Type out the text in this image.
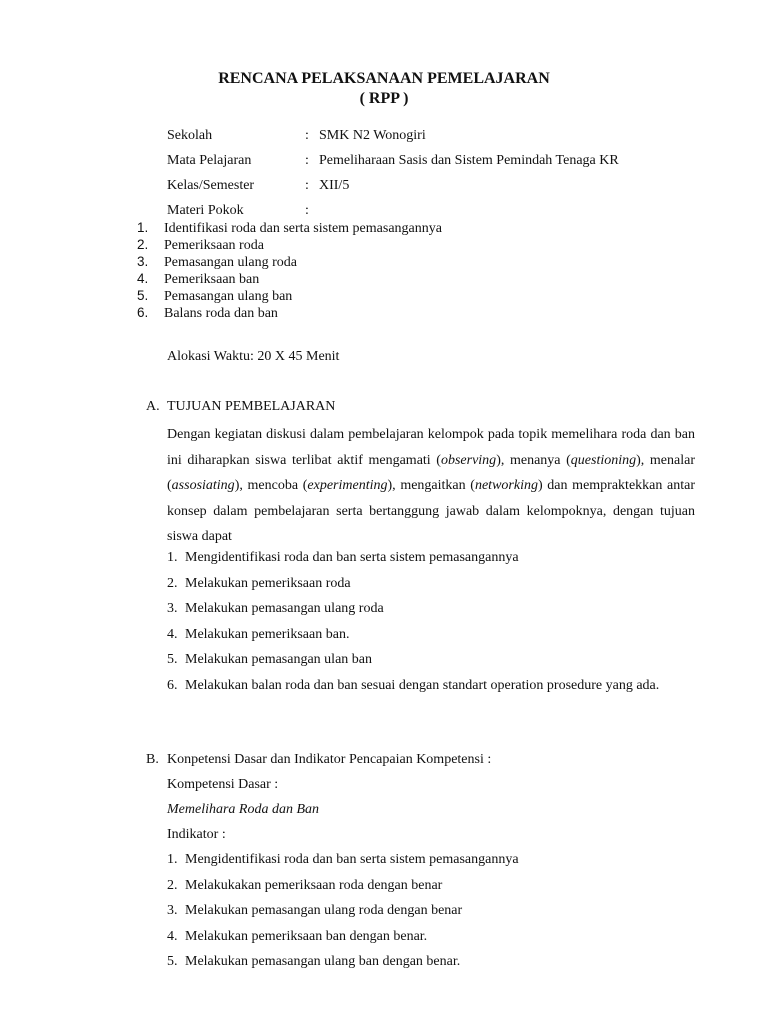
RENCANA PELAKSANAAN PEMELAJARAN
( RPP )
Sekolah	: SMK N2 Wonogiri
Mata Pelajaran	: Pemeliharaan Sasis dan Sistem Pemindah Tenaga KR
Kelas/Semester	: XII/5
Materi Pokok	:
1. Identifikasi roda dan serta sistem pemasangannya
2. Pemeriksaan roda
3. Pemasangan ulang roda
4. Pemeriksaan ban
5. Pemasangan ulang ban
6. Balans roda dan ban
Alokasi Waktu: 20 X 45 Menit
A. TUJUAN PEMBELAJARAN
Dengan kegiatan diskusi dalam pembelajaran kelompok pada topik memelihara roda dan ban ini diharapkan siswa terlibat aktif mengamati (observing), menanya (questioning), menalar (assosiating), mencoba (experimenting), mengaitkan (networking) dan mempraktekkan antar konsep dalam pembelajaran serta bertanggung jawab dalam kelompoknya, dengan tujuan siswa dapat
1. Mengidentifikasi roda dan ban serta sistem pemasangannya
2. Melakukan pemeriksaan roda
3. Melakukan pemasangan ulang roda
4. Melakukan pemeriksaan ban.
5. Melakukan pemasangan ulan ban
6. Melakukan balan roda dan ban sesuai dengan standart operation prosedure yang ada.
B. Konpetensi Dasar dan Indikator Pencapaian Kompetensi :
Kompetensi Dasar :
Memelihara Roda dan Ban
Indikator :
1. Mengidentifikasi roda dan ban serta sistem pemasangannya
2. Melakukakan pemeriksaan roda dengan benar
3. Melakukan pemasangan ulang roda dengan benar
4. Melakukan pemeriksaan ban dengan benar.
5. Melakukan pemasangan ulang ban dengan benar.
